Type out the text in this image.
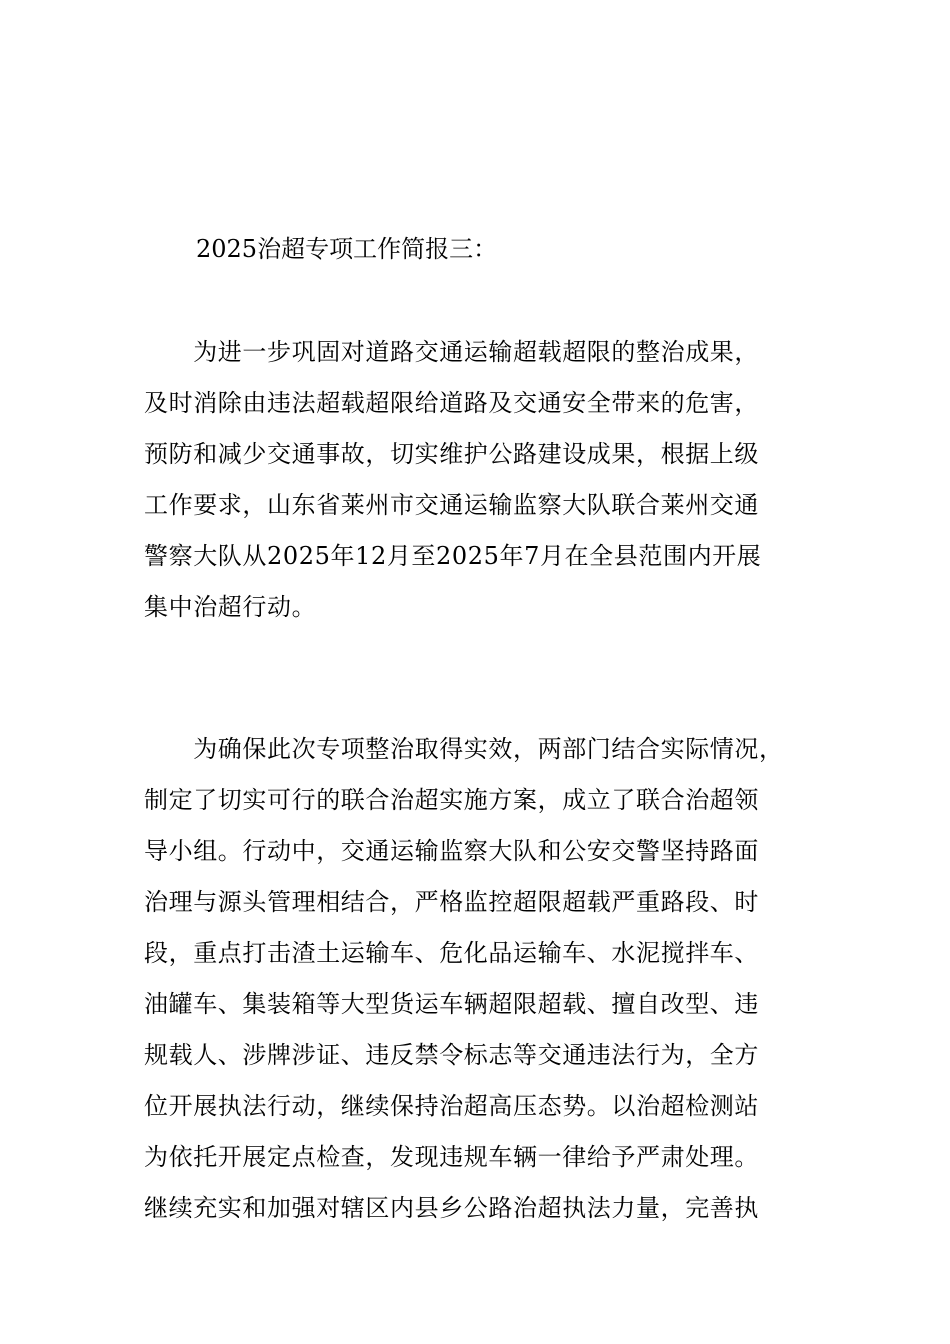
2025治超专项工作简报三：
　　为进一步巩固对道路交通运输超载超限的整治成果，
及时消除由违法超载超限给道路及交通安全带来的危害，
预防和减少交通事故，切实维护公路建设成果，根据上级
工作要求，山东省莱州市交通运输监察大队联合莱州交通
警察大队从2025年12月至2025年7月在全县范围内开展
集中治超行动。
　　为确保此次专项整治取得实效，两部门结合实际情况，
制定了切实可行的联合治超实施方案，成立了联合治超领
导小组。行动中，交通运输监察大队和公安交警坚持路面
治理与源头管理相结合，严格监控超限超载严重路段、时
段，重点打击渣土运输车、危化品运输车、水泥搅拌车、
油罐车、集装箱等大型货运车辆超限超载、擅自改型、违
规载人、涉牌涉证、违反禁令标志等交通违法行为，全方
位开展执法行动，继续保持治超高压态势。以治超检测站
为依托开展定点检查，发现违规车辆一律给予严肃处理。
继续充实和加强对辖区内县乡公路治超执法力量，完善执
